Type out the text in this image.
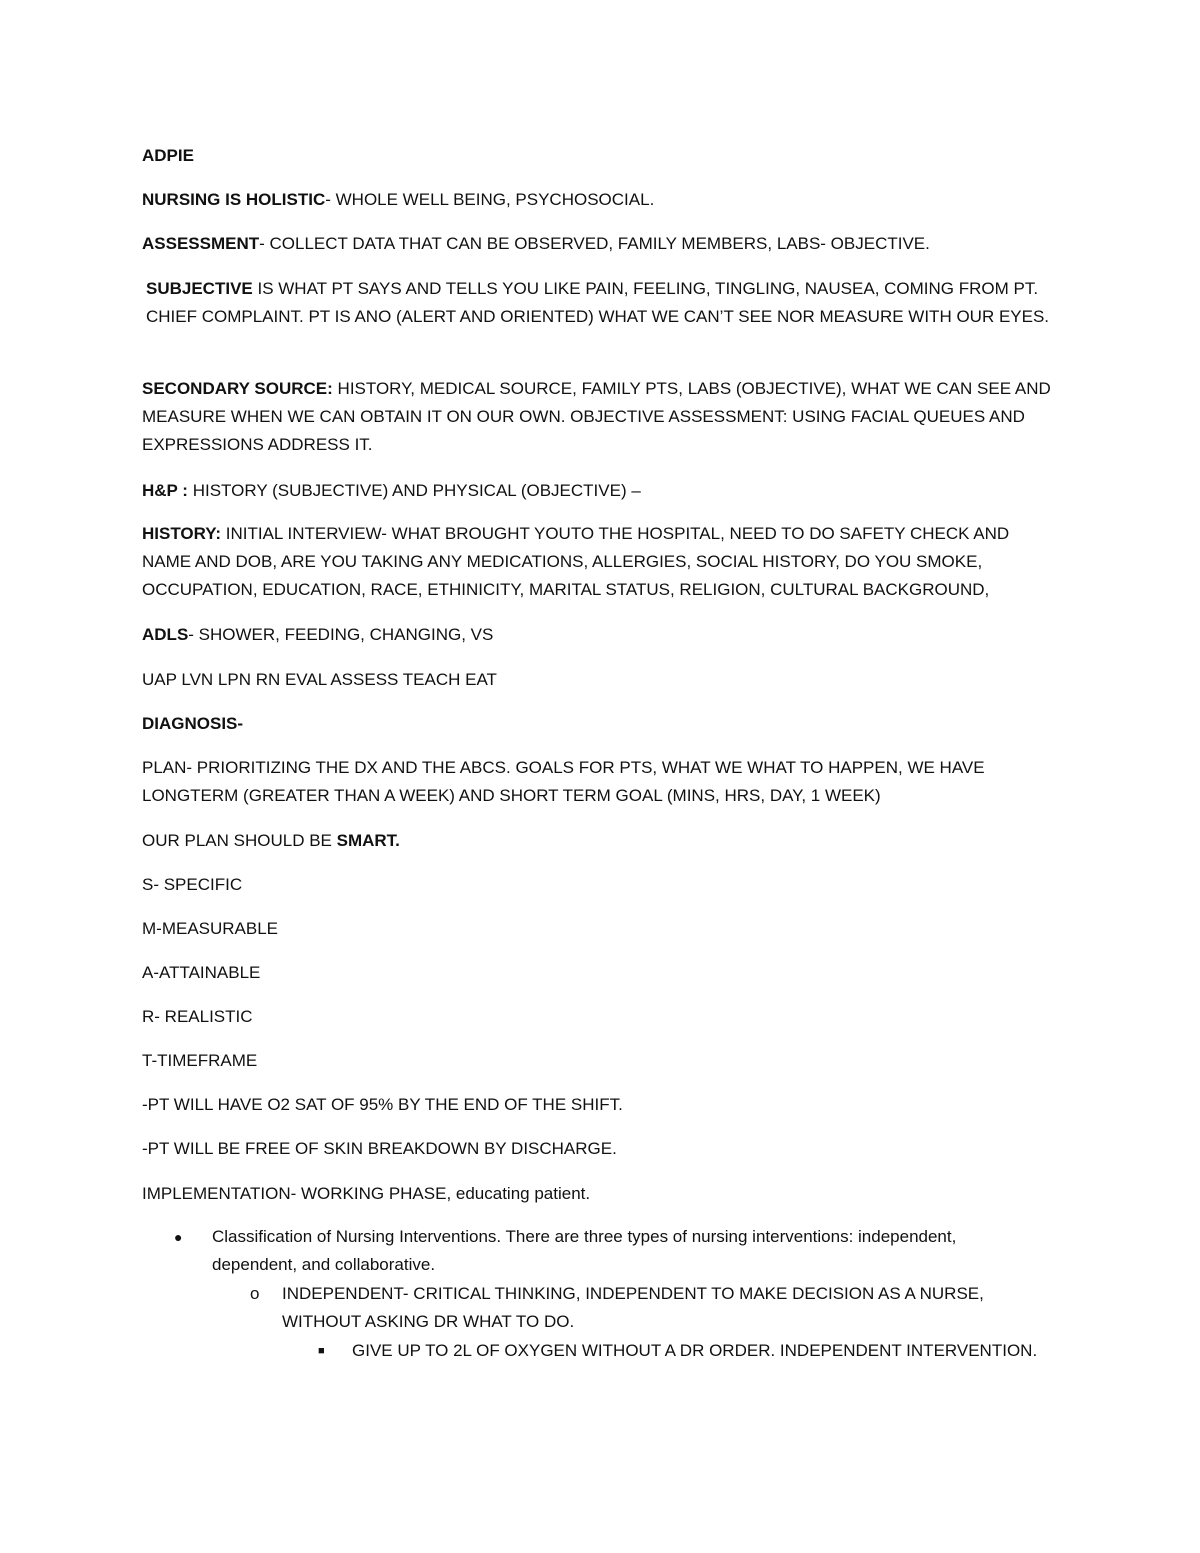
ADPIE
NURSING IS HOLISTIC- WHOLE WELL BEING, PSYCHOSOCIAL.
ASSESSMENT- COLLECT DATA THAT CAN BE OBSERVED, FAMILY MEMBERS, LABS- OBJECTIVE.
SUBJECTIVE IS WHAT PT SAYS AND TELLS YOU LIKE PAIN, FEELING, TINGLING, NAUSEA, COMING FROM PT. CHIEF COMPLAINT. PT IS ANO (ALERT AND ORIENTED) WHAT WE CAN’T SEE NOR MEASURE WITH OUR EYES.
SECONDARY SOURCE: HISTORY, MEDICAL SOURCE, FAMILY PTS, LABS (OBJECTIVE), WHAT WE CAN SEE AND MEASURE WHEN WE CAN OBTAIN IT ON OUR OWN. OBJECTIVE ASSESSMENT: USING FACIAL QUEUES AND EXPRESSIONS ADDRESS IT.
H&P : HISTORY (SUBJECTIVE) AND PHYSICAL (OBJECTIVE) –
HISTORY: INITIAL INTERVIEW- WHAT BROUGHT YOUTO THE HOSPITAL, NEED TO DO SAFETY CHECK AND NAME AND DOB, ARE YOU TAKING ANY MEDICATIONS, ALLERGIES, SOCIAL HISTORY, DO YOU SMOKE, OCCUPATION, EDUCATION, RACE, ETHINICITY, MARITAL STATUS, RELIGION, CULTURAL BACKGROUND,
ADLS- SHOWER, FEEDING, CHANGING, VS
UAP LVN LPN RN EVAL ASSESS TEACH EAT
DIAGNOSIS-
PLAN- PRIORITIZING THE DX AND THE ABCS. GOALS FOR PTS, WHAT WE WHAT TO HAPPEN, WE HAVE LONGTERM (GREATER THAN A WEEK) AND SHORT TERM GOAL (MINS, HRS, DAY, 1 WEEK)
OUR PLAN SHOULD BE SMART.
S- SPECIFIC
M-MEASURABLE
A-ATTAINABLE
R- REALISTIC
T-TIMEFRAME
-PT WILL HAVE O2 SAT OF 95% BY THE END OF THE SHIFT.
-PT WILL BE FREE OF SKIN BREAKDOWN BY DISCHARGE.
IMPLEMENTATION- WORKING PHASE, educating patient.
● Classification of Nursing Interventions. There are three types of nursing interventions: independent, dependent, and collaborative.
o INDEPENDENT- CRITICAL THINKING, INDEPENDENT TO MAKE DECISION AS A NURSE, WITHOUT ASKING DR WHAT TO DO.
■ GIVE UP TO 2L OF OXYGEN WITHOUT A DR ORDER. INDEPENDENT INTERVENTION.
